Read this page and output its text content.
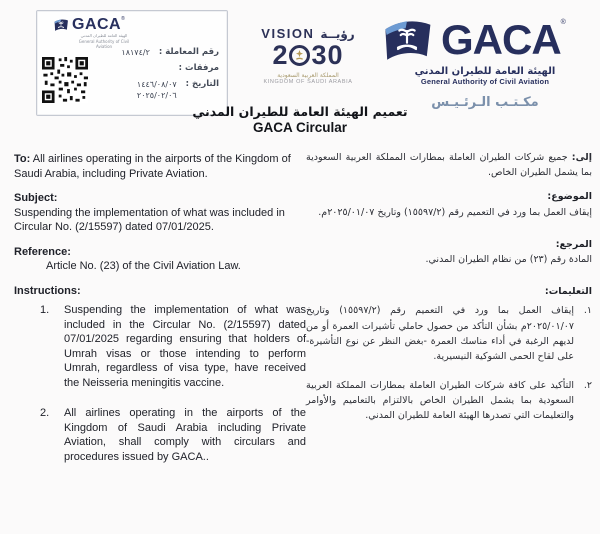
GACA®
الهيئة العامة للطيران المدني
General Authority of Civil Aviation
رقم المعاملة :
١٨١٧٤/٢
مرفقات :
التاريخ :
١٤٤٦/٠٨/٠٧
٢٠٢٥/٠٢/٠٦
VISION رؤيــة
2 30
المملكة العربية السعودية
KINGDOM OF SAUDI ARABIA
GACA®
الهيئة العامة للطيران المدني
General Authority of Civil Aviation
مكـتـب الـرئـيـس
تعميم الهيئة العامة للطيران المدني
GACA Circular

To: All airlines operating in the airports of the Kingdom of Saudi Arabia, including Private Aviation.

Subject:

Suspending the implementation of what was included in Circular No. (2/15597) dated 07/01/2025.

Reference:

Article No. (23) of the Civil Aviation Law.

Instructions:

1.	Suspending the implementation of what was included in the Circular No. (2/15597) dated 07/01/2025 regarding ensuring that holders of Umrah visas or those intending to perform Umrah, regardless of visa type, have received the Neisseria meningitis vaccine.
2.	All airlines operating in the airports of the Kingdom of Saudi Arabia including Private Aviation, shall comply with circulars and procedures issued by GACA..

إلى: جميع شركات الطيران العاملة بمطارات المملكة العربية السعودية بما يشمل الطيران الخاص.

الموضوع:

إيقاف العمل بما ورد في التعميم رقم (١٥٥٩٧/٢) وتاريخ ٢٠٢٥/٠١/٠٧م.

المرجع:

المادة رقم (٢٣) من نظام الطيران المدني.

التعليمات:

١.
إيقاف العمل بما ورد في التعميم رقم (١٥٥٩٧/٢) وتاريخ ٢٠٢٥/٠١/٠٧م بشأن التأكد من حصول حاملي تأشيرات العمرة أو من لديهم الرغبة في أداء مناسك العمرة -بغض النظر عن نوع التأشيرة- على لقاح الحمى الشوكية النيسيرية.
٢.
التأكيد على كافة شركات الطيران العاملة بمطارات المملكة العربية السعودية بما يشمل الطيران الخاص بالالتزام بالتعاميم والأوامر والتعليمات التي تصدرها الهيئة العامة للطيران المدني.
